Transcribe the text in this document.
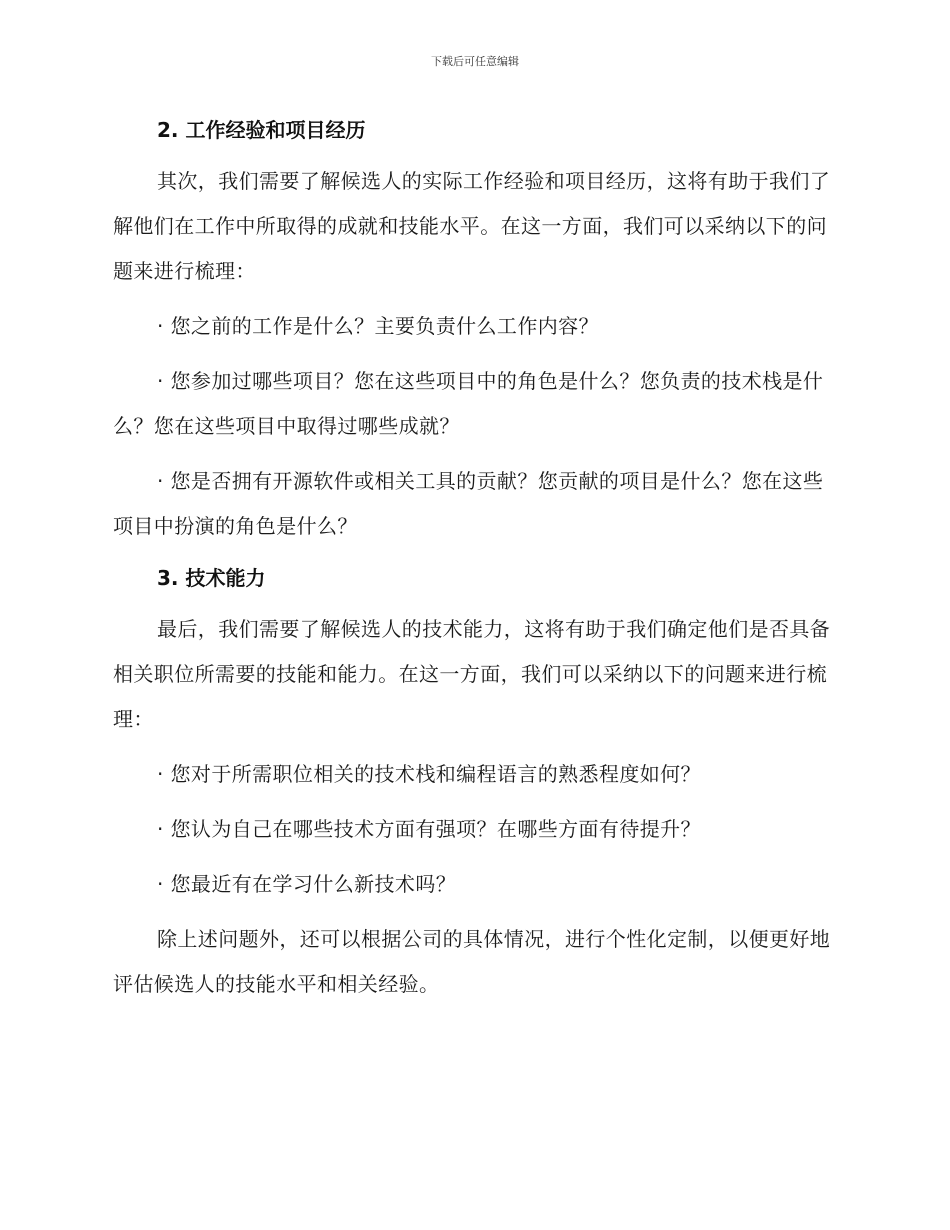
下载后可任意编辑
2. 工作经验和项目经历

其次，我们需要了解候选人的实际工作经验和项目经历，这将有助于我们了解他们在工作中所取得的成就和技能水平。在这一方面，我们可以采纳以下的问题来进行梳理：

· 您之前的工作是什么？主要负责什么工作内容？

· 您参加过哪些项目？您在这些项目中的角色是什么？您负责的技术栈是什么？您在这些项目中取得过哪些成就？

· 您是否拥有开源软件或相关工具的贡献？您贡献的项目是什么？您在这些项目中扮演的角色是什么？

3. 技术能力

最后，我们需要了解候选人的技术能力，这将有助于我们确定他们是否具备相关职位所需要的技能和能力。在这一方面，我们可以采纳以下的问题来进行梳理：

· 您对于所需职位相关的技术栈和编程语言的熟悉程度如何？

· 您认为自己在哪些技术方面有强项？在哪些方面有待提升？

· 您最近有在学习什么新技术吗？

除上述问题外，还可以根据公司的具体情况，进行个性化定制，以便更好地评估候选人的技能水平和相关经验。
